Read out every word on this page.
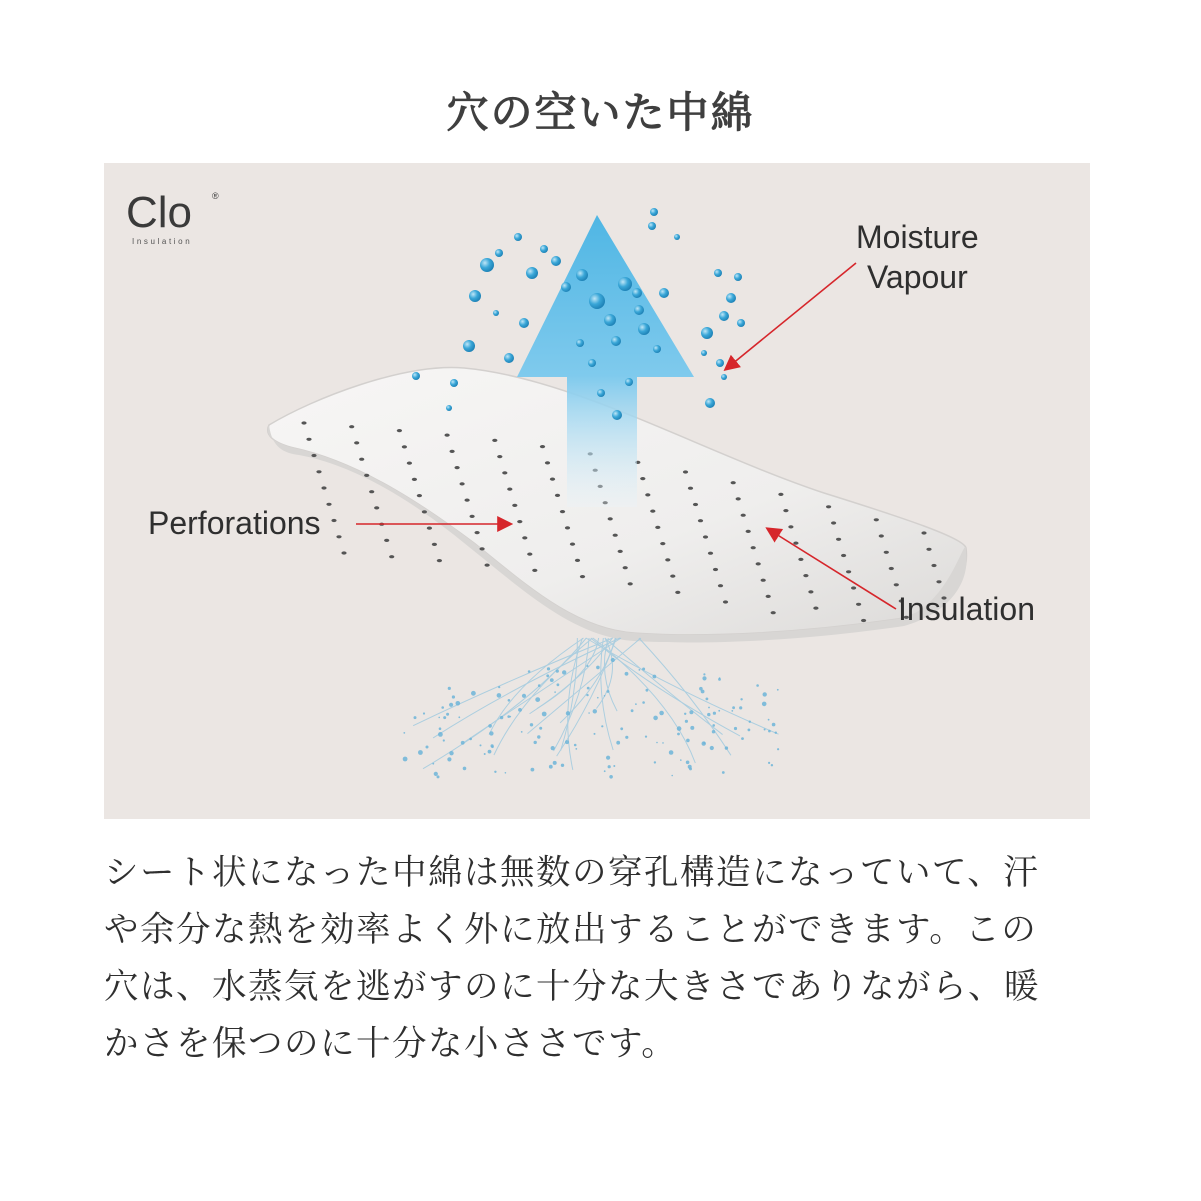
穴の空いた中綿
Clo ®
Insulation	Moisture
Vapour
Perforations
Insulation
シート状になった中綿は無数の穿孔構造になっていて、汗
や余分な熱を効率よく外に放出することができます。この
穴は、水蒸気を逃がすのに十分な大きさでありながら、暖
かさを保つのに十分な小ささです。
